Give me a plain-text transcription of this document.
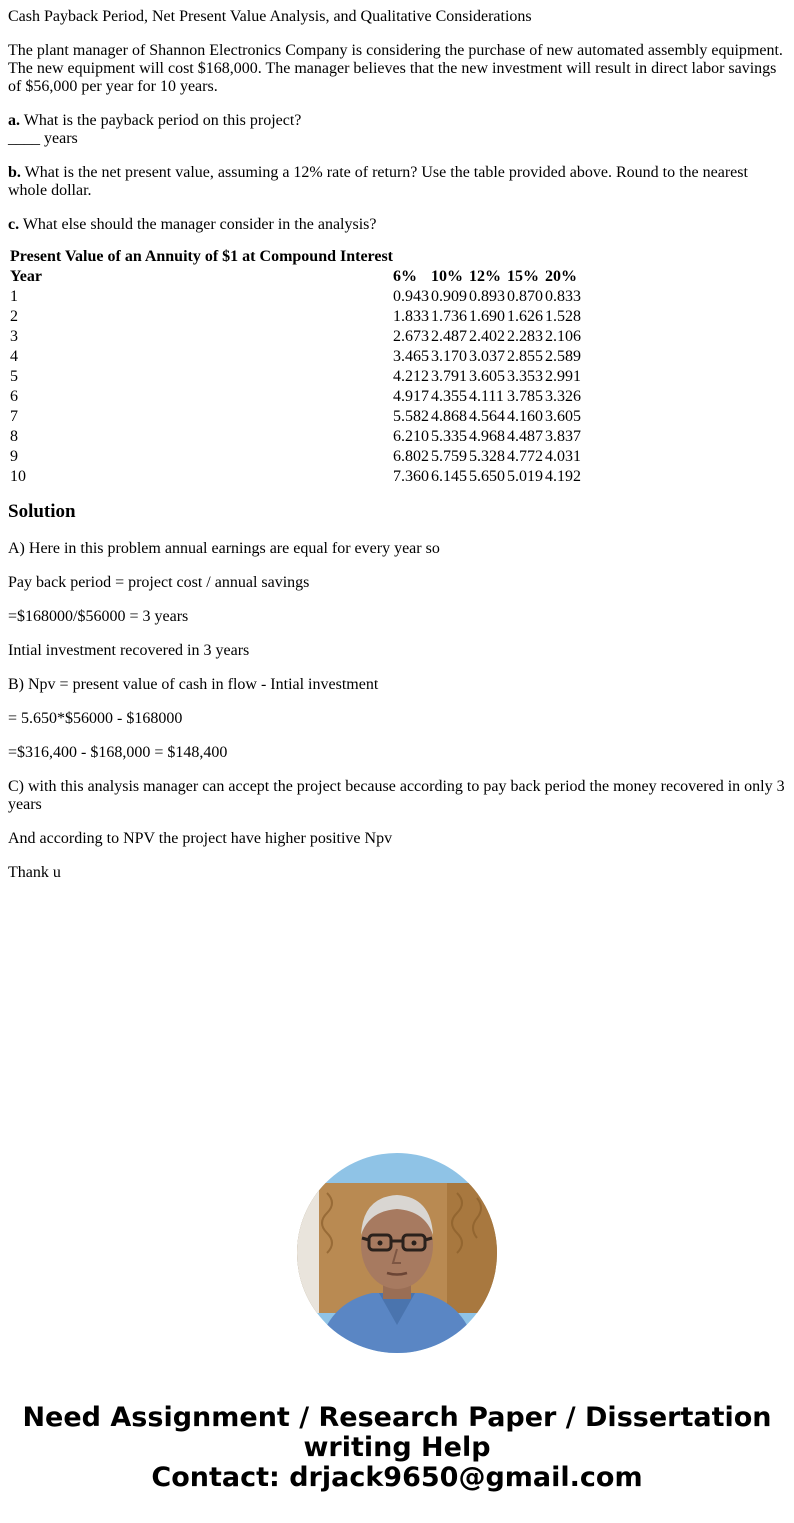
Cash Payback Period, Net Present Value Analysis, and Qualitative Considerations

The plant manager of Shannon Electronics Company is considering the purchase of new automated assembly equipment. The new equipment will cost $168,000. The manager believes that the new investment will result in direct labor savings of $56,000 per year for 10 years.

a. What is the payback period on this project?
____ years

b. What is the net present value, assuming a 12% rate of return? Use the table provided above. Round to the nearest whole dollar.

c. What else should the manager consider in the analysis?

Present Value of an Annuity of $1 at Compound Interest					
Year	6%	10%	12%	15%	20%
1	0.943	0.909	0.893	0.870	0.833
2	1.833	1.736	1.690	1.626	1.528
3	2.673	2.487	2.402	2.283	2.106
4	3.465	3.170	3.037	2.855	2.589
5	4.212	3.791	3.605	3.353	2.991
6	4.917	4.355	4.111	3.785	3.326
7	5.582	4.868	4.564	4.160	3.605
8	6.210	5.335	4.968	4.487	3.837
9	6.802	5.759	5.328	4.772	4.031
10	7.360	6.145	5.650	5.019	4.192
Solution

A) Here in this problem annual earnings are equal for every year so

Pay back period = project cost / annual savings

=$168000/$56000 = 3 years

Intial investment recovered in 3 years

B) Npv = present value of cash in flow - Intial investment

= 5.650*$56000 - $168000

=$316,400 - $168,000 = $148,400

C) with this analysis manager can accept the project because according to pay back period the money recovered in only 3 years

And according to NPV the project have higher positive Npv

Thank u

Need Assignment / Research Paper / Dissertation
writing Help
Contact: drjack9650@gmail.com
